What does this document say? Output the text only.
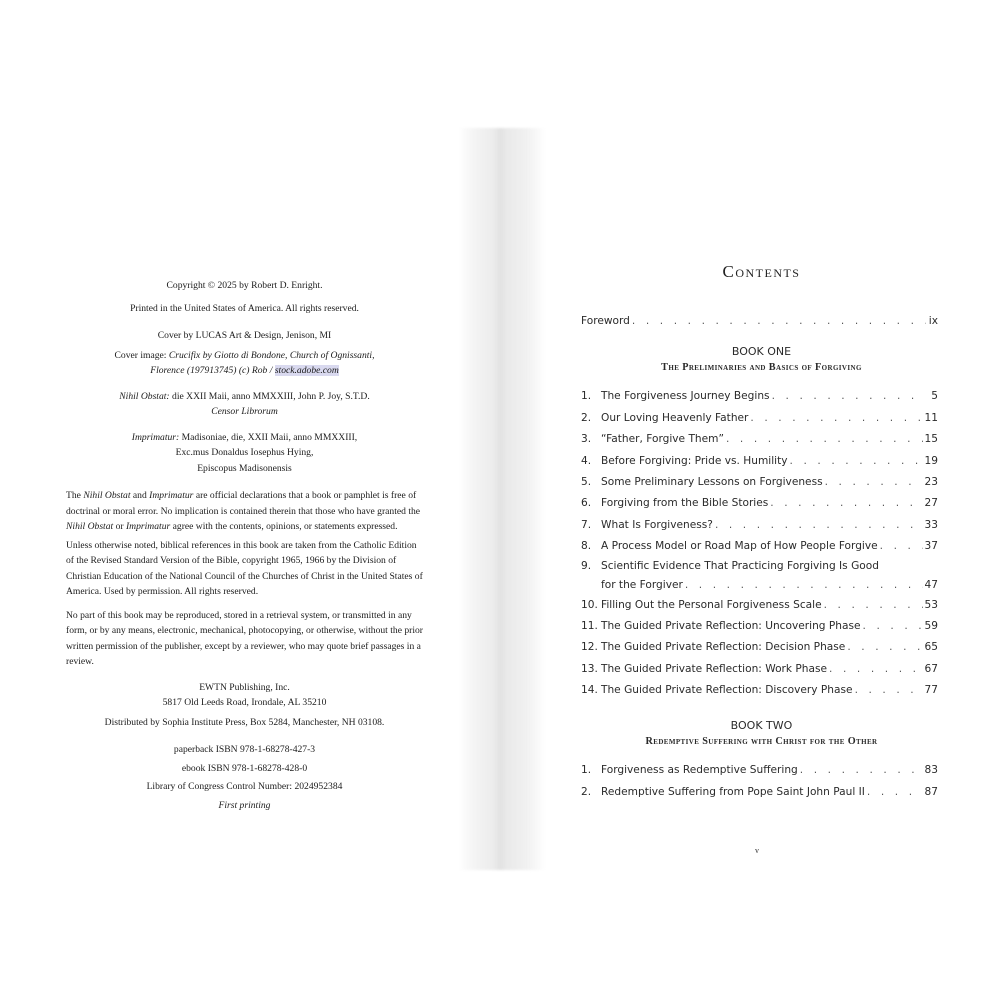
Copyright © 2025 by Robert D. Enright.

Printed in the United States of America. All rights reserved.

Cover by LUCAS Art & Design, Jenison, MI

Cover image: Crucifix by Giotto di Bondone, Church of Ognissanti,

Florence (197913745) (c) Rob / stock.adobe.com

Nihil Obstat: die XXII Maii, anno MMXXIII, John P. Joy, S.T.D.

Censor Librorum

Imprimatur: Madisoniae, die, XXII Maii, anno MMXXIII,

Exc.mus Donaldus Iosephus Hying,

Episcopus Madisonensis

The Nihil Obstat and Imprimatur are official declarations that a book or pamphlet is free of doctrinal or moral error. No implication is contained therein that those who have granted the Nihil Obstat or Imprimatur agree with the contents, opinions, or statements expressed.

Unless otherwise noted, biblical references in this book are taken from the Catholic Edition of the Revised Standard Version of the Bible, copyright 1965, 1966 by the Division of Christian Education of the National Council of the Churches of Christ in the United States of America. Used by permission. All rights reserved.

No part of this book may be reproduced, stored in a retrieval system, or transmitted in any form, or by any means, electronic, mechanical, photocopying, or otherwise, without the prior written permission of the publisher, except by a reviewer, who may quote brief passages in a review.

EWTN Publishing, Inc.

5817 Old Leeds Road, Irondale, AL 35210

Distributed by Sophia Institute Press, Box 5284, Manchester, NH 03108.

paperback ISBN 978-1-68278-427-3

ebook ISBN 978-1-68278-428-0

Library of Congress Control Number: 2024952384

First printing

Contents
Foreword . . .	ix
BOOK ONE
The Preliminaries and Basics of Forgiving
1. The Forgiveness Journey Begins . . .	5
2. Our Loving Heavenly Father . . .	11
3. “Father, Forgive Them” . . .	15
4. Before Forgiving: Pride vs. Humility . . .	19
5. Some Preliminary Lessons on Forgiveness . . .	23
6. Forgiving from the Bible Stories . . .	27
7. What Is Forgiveness? . . .	33
8. A Process Model or Road Map of How People Forgive . . .	37
9. Scientific Evidence That Practicing Forgiving Is Good
for the Forgiver . . .	47
10. Filling Out the Personal Forgiveness Scale . . .	53
11. The Guided Private Reflection: Uncovering Phase . . .	59
12. The Guided Private Reflection: Decision Phase . . .	65
13. The Guided Private Reflection: Work Phase . . .	67
14. The Guided Private Reflection: Discovery Phase . . .	77
BOOK TWO
Redemptive Suffering with Christ for the Other
1. Forgiveness as Redemptive Suffering . . .	83
2. Redemptive Suffering from Pope Saint John Paul II . . .	87
v
